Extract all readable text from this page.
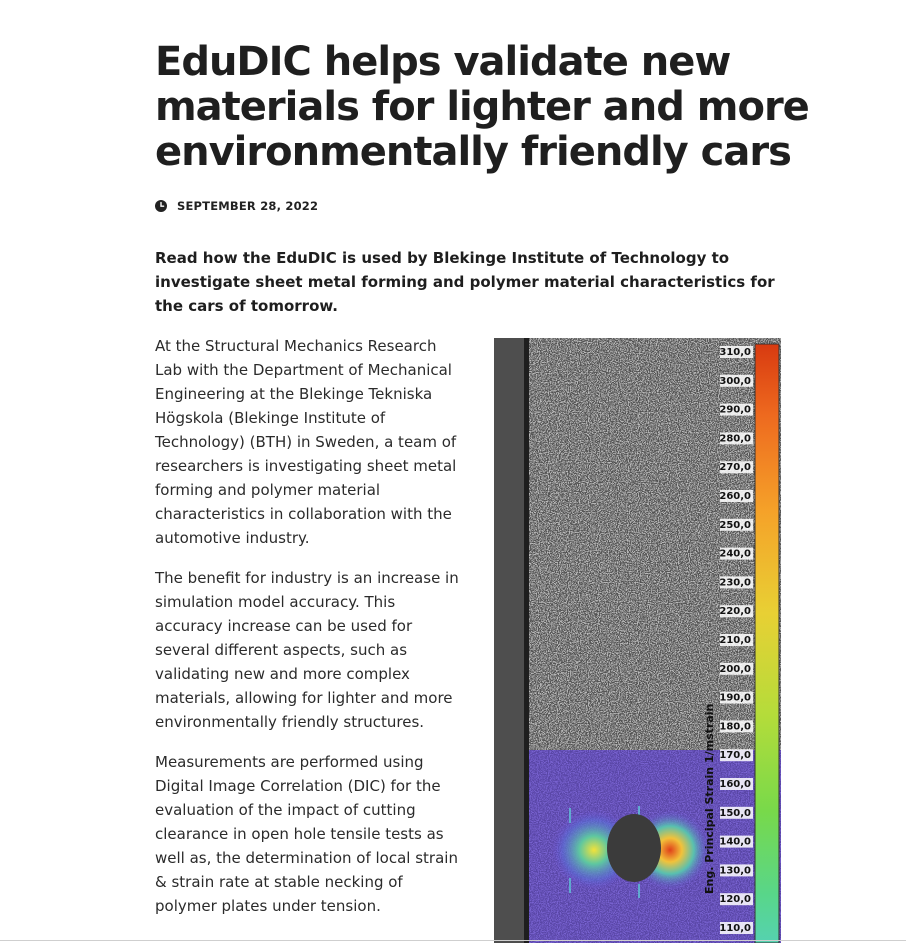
EduDIC helps validate new materials for lighter and more environmentally friendly cars
SEPTEMBER 28, 2022

Read how the EduDIC is used by Blekinge Institute of Technology to investigate sheet metal forming and polymer material characteristics for the cars of tomorrow.

At the Structural Mechanics Research Lab with the Department of Mechanical Engineering at the Blekinge Tekniska Högskola (Blekinge Institute of Technology) (BTH) in Sweden, a team of researchers is investigating sheet metal forming and polymer material characteristics in collaboration with the automotive industry.

The benefit for industry is an increase in simulation model accuracy. This accuracy increase can be used for several different aspects, such as validating new and more complex materials, allowing for lighter and more environmentally friendly structures.

Measurements are performed using Digital Image Correlation (DIC) for the evaluation of the impact of cutting clearance in open hole tensile tests as well as, the determination of local strain & strain rate at stable necking of polymer plates under tension.

310,0
300,0
290,0
280,0
270,0
260,0
250,0
240,0
230,0
220,0
210,0
200,0
190,0
180,0
170,0
160,0
150,0
140,0
130,0
120,0
110,0
Eng. Principal Strain 1/mstrain
